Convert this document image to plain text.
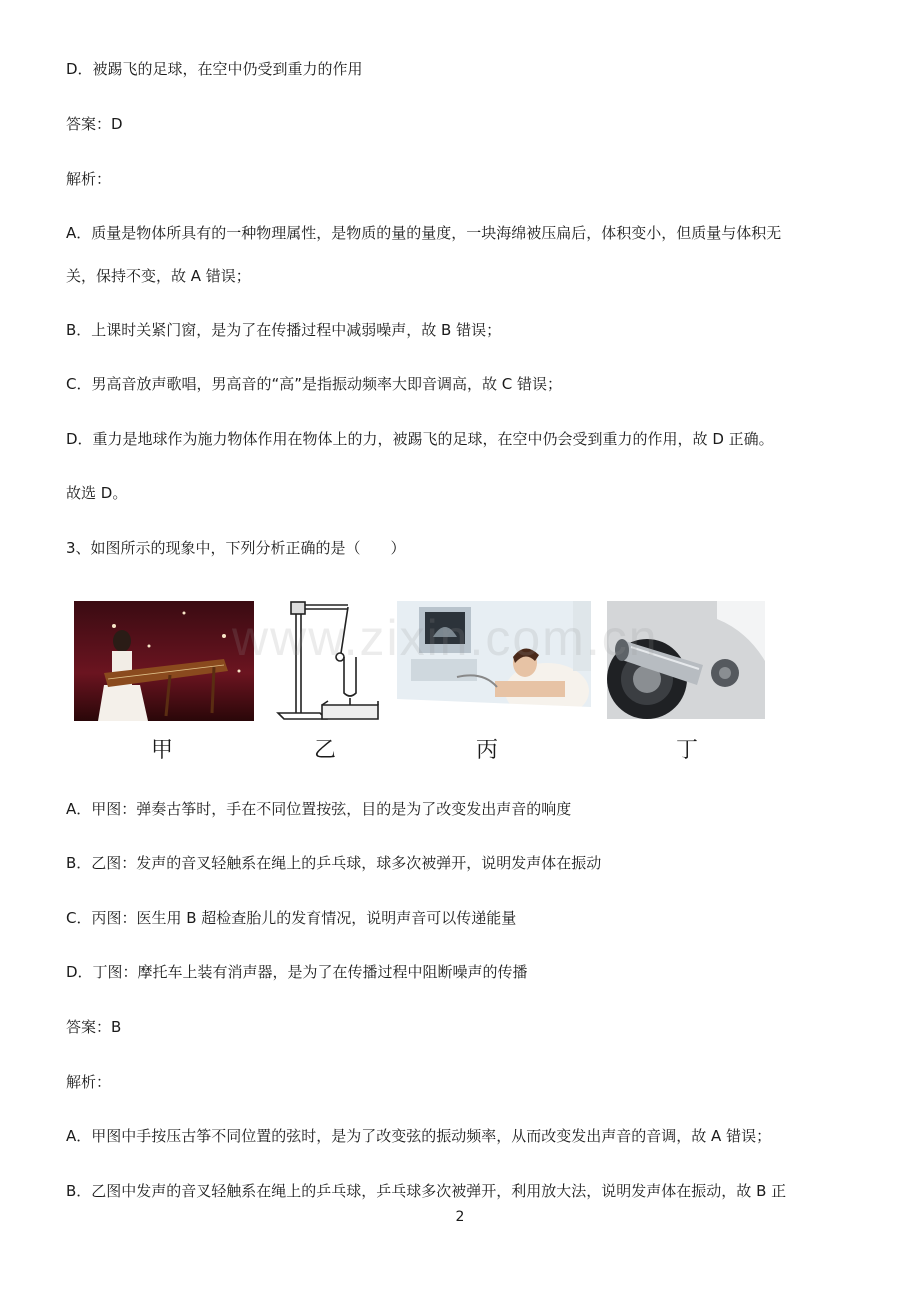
D．被踢飞的足球，在空中仍受到重力的作用
答案：D
解析：
A．质量是物体所具有的一种物理属性，是物质的量的量度，一块海绵被压扁后，体积变小，但质量与体积无
关，保持不变，故 A 错误；
B．上课时关紧门窗，是为了在传播过程中减弱噪声，故 B 错误；
C．男高音放声歌唱，男高音的“高”是指振动频率大即音调高，故 C 错误；
D．重力是地球作为施力物体作用在物体上的力，被踢飞的足球，在空中仍会受到重力的作用，故 D 正确。
故选 D。
3、如图所示的现象中，下列分析正确的是（　　）
www.zixin.com.cn
甲	乙	丙	丁
A．甲图：弹奏古筝时，手在不同位置按弦，目的是为了改变发出声音的响度
B．乙图：发声的音叉轻触系在绳上的乒乓球，球多次被弹开，说明发声体在振动
C．丙图：医生用 B 超检查胎儿的发育情况，说明声音可以传递能量
D．丁图：摩托车上装有消声器，是为了在传播过程中阻断噪声的传播
答案：B
解析：
A．甲图中手按压古筝不同位置的弦时，是为了改变弦的振动频率，从而改变发出声音的音调，故 A 错误；
B．乙图中发声的音叉轻触系在绳上的乒乓球，乒乓球多次被弹开，利用放大法，说明发声体在振动，故 B 正
2
